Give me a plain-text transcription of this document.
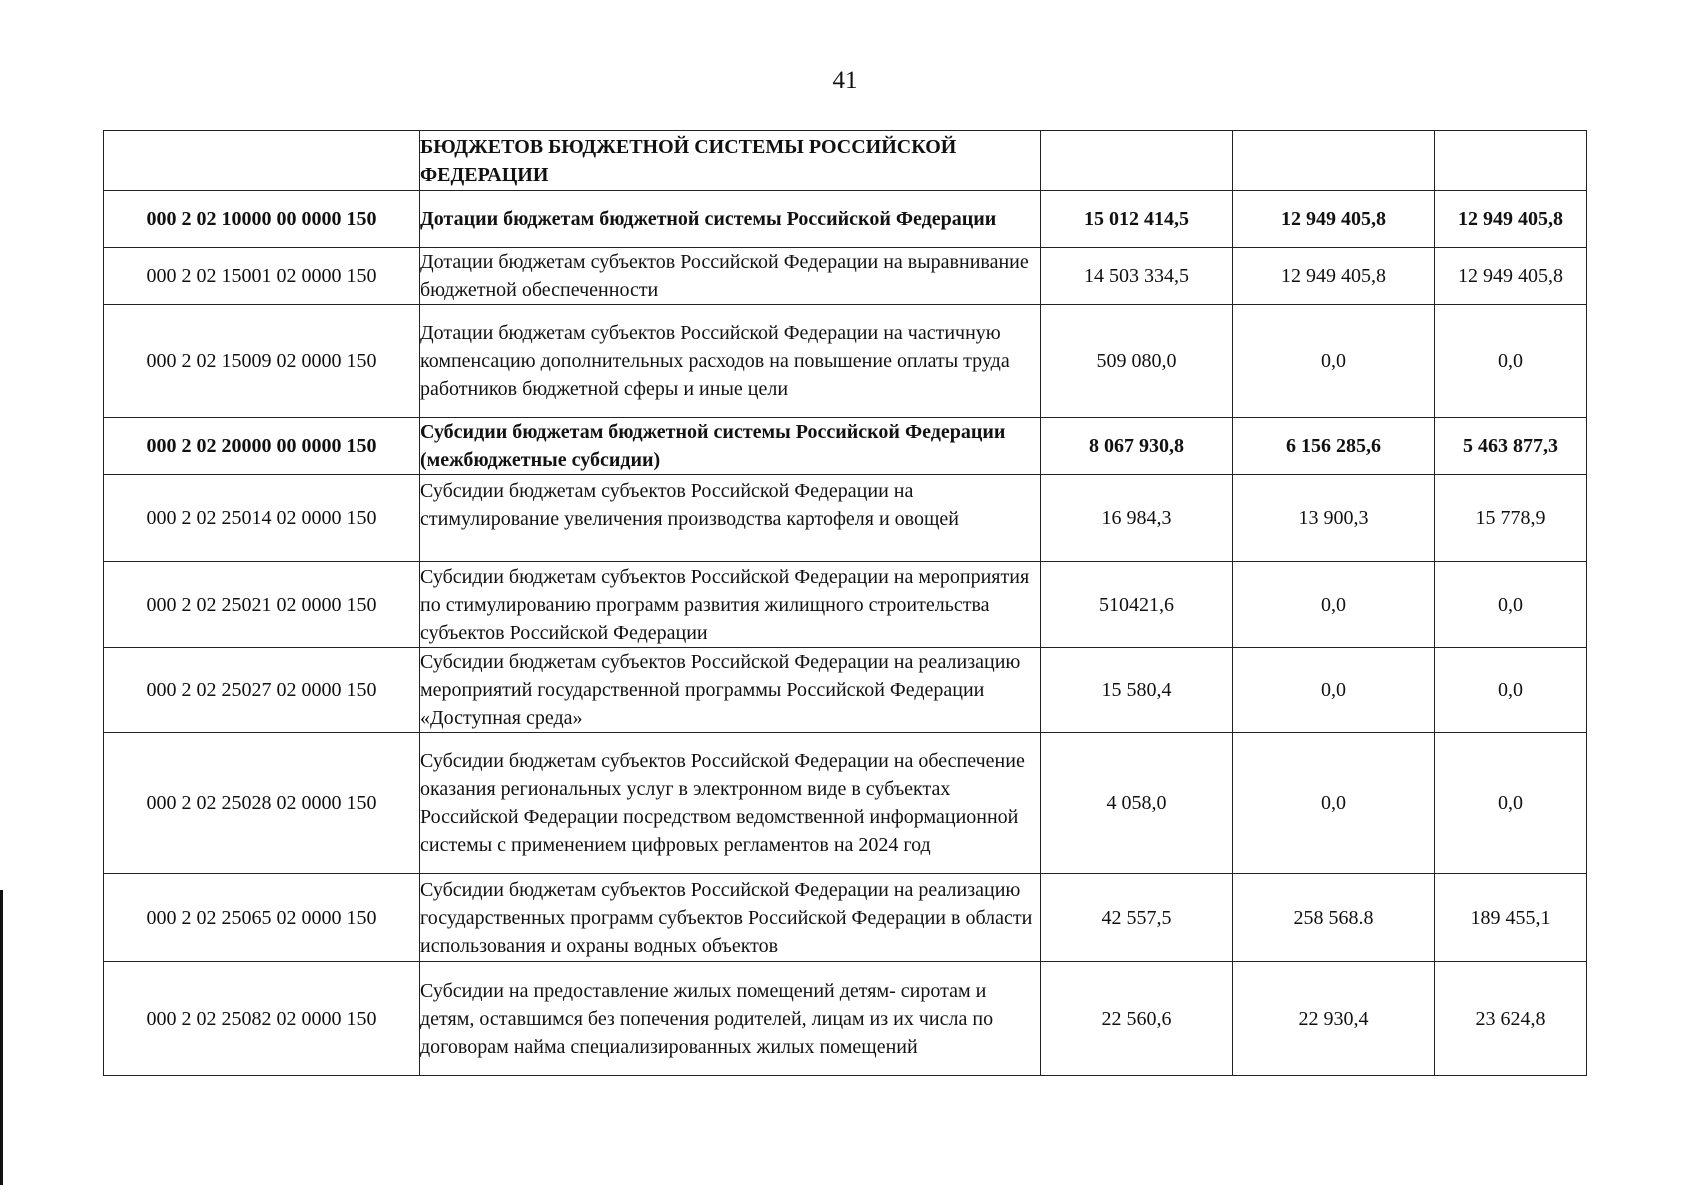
41
	БЮДЖЕТОВ БЮДЖЕТНОЙ СИСТЕМЫ РОССИЙСКОЙ ФЕДЕРАЦИИ			
000 2 02 10000 00 0000 150	Дотации бюджетам бюджетной системы Российской Федерации	15 012 414,5	12 949 405,8	12 949 405,8
000 2 02 15001 02 0000 150	Дотации бюджетам субъектов Российской Федерации на выравнивание бюджетной обеспеченности	14 503 334,5	12 949 405,8	12 949 405,8
000 2 02 15009 02 0000 150	Дотации бюджетам субъектов Российской Федерации на частичную компенсацию дополнительных расходов на повышение оплаты труда работников бюджетной сферы и иные цели	509 080,0	0,0	0,0
000 2 02 20000 00 0000 150	Субсидии бюджетам бюджетной системы Российской Федерации (межбюджетные субсидии)	8 067 930,8	6 156 285,6	5 463 877,3
000 2 02 25014 02 0000 150	Субсидии бюджетам субъектов Российской Федерации на стимулирование увеличения производства картофеля и овощей	16 984,3	13 900,3	15 778,9
000 2 02 25021 02 0000 150	Субсидии бюджетам субъектов Российской Федерации на мероприятия по стимулированию программ развития жилищного строительства субъектов Российской Федерации	510421,6	0,0	0,0
000 2 02 25027 02 0000 150	Субсидии бюджетам субъектов Российской Федерации на реализацию мероприятий государственной программы Российской Федерации «Доступная среда»	15 580,4	0,0	0,0
000 2 02 25028 02 0000 150	Субсидии бюджетам субъектов Российской Федерации на обеспечение оказания региональных услуг в электронном виде в субъектах Российской Федерации посредством ведомственной информационной системы с применением цифровых регламентов на 2024 год	4 058,0	0,0	0,0
000 2 02 25065 02 0000 150	Субсидии бюджетам субъектов Российской Федерации на реализацию государственных программ субъектов Российской Федерации в области использования и охраны водных объектов	42 557,5	258 568.8	189 455,1
000 2 02 25082 02 0000 150	Субсидии на предоставление жилых помещений детям- сиротам и детям, оставшимся без попечения родителей, лицам из их числа по договорам найма специализированных жилых помещений	22 560,6	22 930,4	23 624,8
